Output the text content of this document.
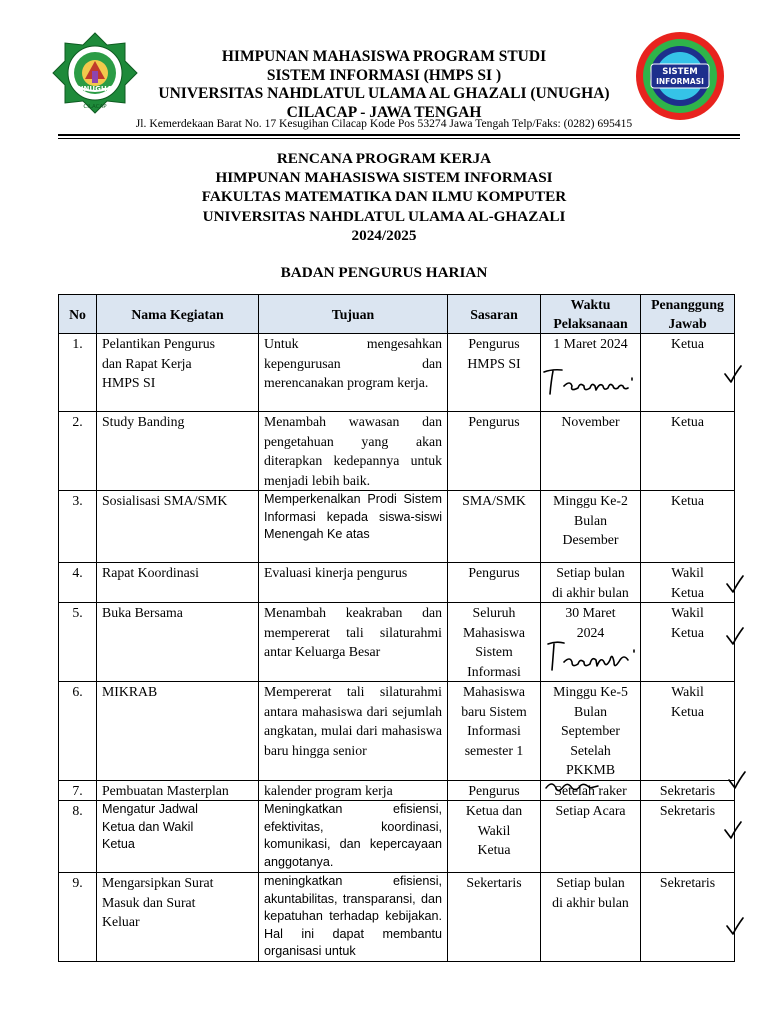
UNUGHA
CILACAP
HIMPUNAN MAHASISWA PROGRAM STUDI
SISTEM INFORMASI (HMPS SI )
UNIVERSITAS NAHDLATUL ULAMA AL GHAZALI (UNUGHA)
CILACAP - JAWA TENGAH
SISTEM
INFORMASI
Jl. Kemerdekaan Barat No. 17 Kesugihan Cilacap Kode Pos 53274 Jawa Tengah Telp/Faks: (0282) 695415
RENCANA PROGRAM KERJA
HIMPUNAN MAHASISWA SISTEM INFORMASI
FAKULTAS MATEMATIKA DAN ILMU KOMPUTER
UNIVERSITAS NAHDLATUL ULAMA AL-GHAZALI
2024/2025
BADAN PENGURUS HARIAN
No	Nama Kegiatan	Tujuan	Sasaran	Waktu
Pelaksanaan	Penanggung
Jawab
1.	Pelantikan Pengurus
dan Rapat Kerja
HMPS SI	Untuk mengesahkan kepengurusan dan merencanakan program kerja.	Pengurus
HMPS SI	1 Maret 2024	Ketua
2.	Study Banding	Menambah wawasan dan pengetahuan yang akan diterapkan kedepannya untuk menjadi lebih baik.	Pengurus	November	Ketua
3.	Sosialisasi SMA/SMK	Memperkenalkan Prodi Sistem Informasi kepada siswa-siswi Menengah Ke atas	SMA/SMK	Minggu Ke-2
Bulan
Desember	Ketua
4.	Rapat Koordinasi	Evaluasi kinerja pengurus	Pengurus	Setiap bulan
di akhir bulan	Wakil
Ketua
5.	Buka Bersama	Menambah keakraban dan mempererat tali silaturahmi antar Keluarga Besar	Seluruh
Mahasiswa
Sistem
Informasi	30 Maret
2024	Wakil
Ketua
6.	MIKRAB	Mempererat tali silaturahmi antara mahasiswa dari sejumlah angkatan, mulai dari mahasiswa baru hingga senior	Mahasiswa
baru Sistem
Informasi
semester 1	Minggu Ke-5
Bulan
September
Setelah
PKKMB	Wakil
Ketua
7.	Pembuatan Masterplan	kalender program kerja	Pengurus	Setelah raker	Sekretaris
8.	Mengatur Jadwal
Ketua dan Wakil
Ketua	Meningkatkan efisiensi, efektivitas, koordinasi, komunikasi, dan kepercayaan anggotanya.	Ketua dan
Wakil
Ketua	Setiap Acara	Sekretaris
9.	Mengarsipkan Surat
Masuk dan Surat
Keluar	meningkatkan efisiensi, akuntabilitas, transparansi, dan kepatuhan terhadap kebijakan. Hal ini dapat membantu organisasi untuk	Sekertaris	Setiap bulan
di akhir bulan	Sekretaris
